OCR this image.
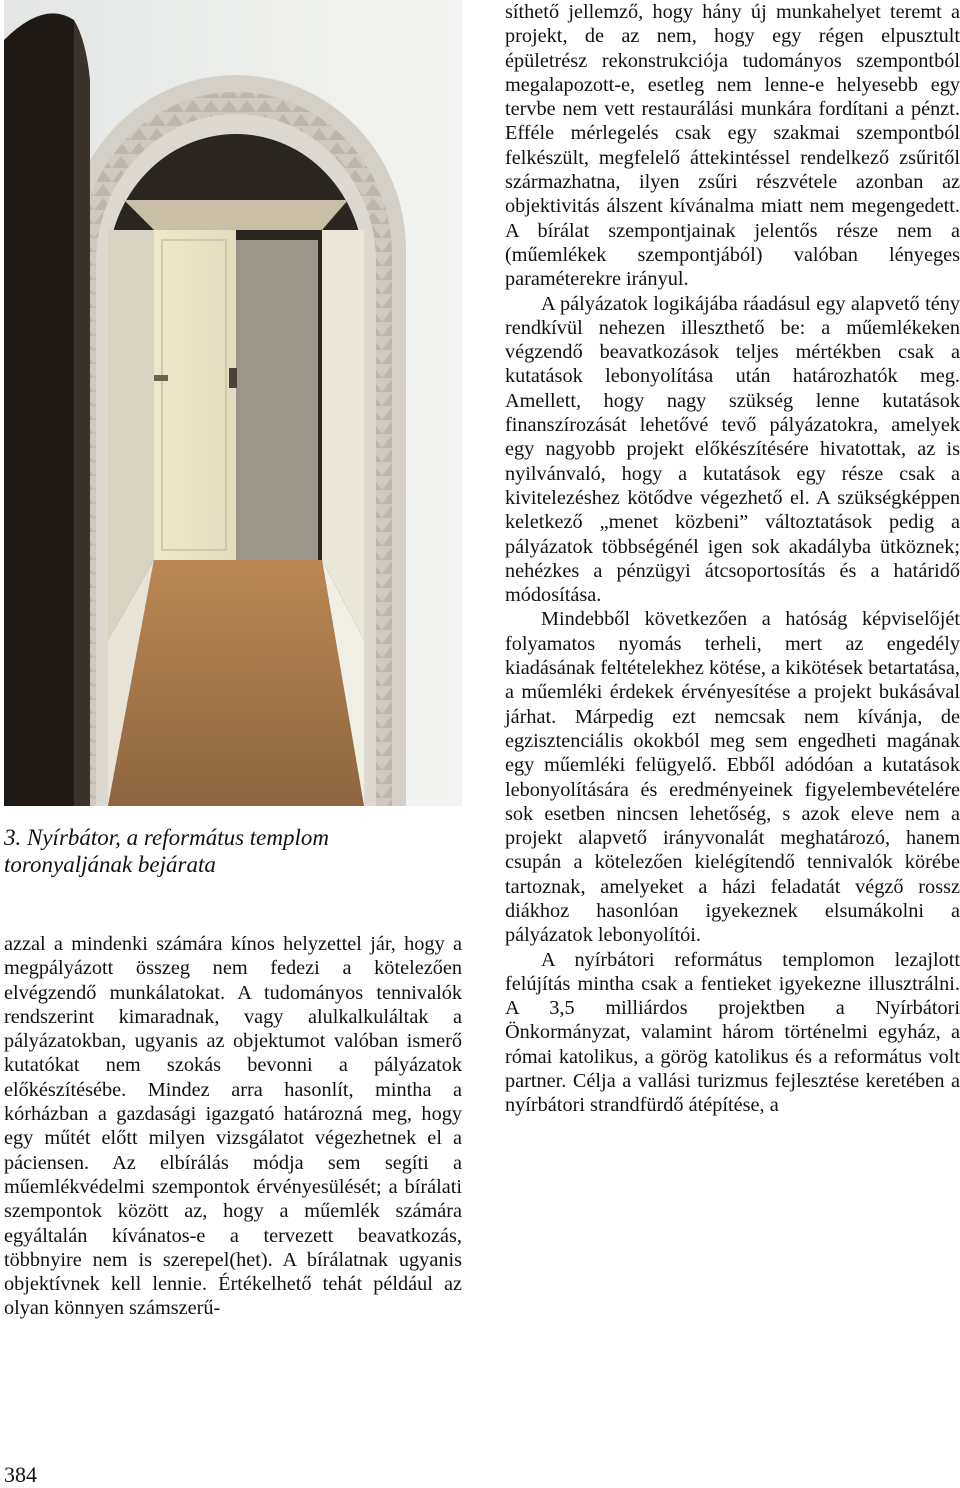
3. Nyírbátor, a református templom

toronyaljának bejárata

azzal a mindenki számára kínos helyzettel jár, hogy a megpályázott összeg nem fedezi a kötelezően elvégzendő munkálatokat. A tudományos tennivalók rendszerint kimaradnak, vagy alulkalkuláltak a pályázatokban, ugyanis az objektumot valóban ismerő kutatókat nem szokás bevonni a pályázatok előkészítésébe. Mindez arra hasonlít, mintha a kórházban a gazdasági igazgató határozná meg, hogy egy műtét előtt milyen vizsgálatot végezhetnek el a páciensen. Az elbírálás módja sem segíti a műemlékvédelmi szempontok érvényesülését; a bírálati szempontok között az, hogy a műemlék számára egyáltalán kívánatos-e a tervezett beavatkozás, többnyire nem is szerepel(het). A bírálatnak ugyanis objektívnek kell lennie. Értékelhető tehát például az olyan könnyen számszerű-

síthető jellemző, hogy hány új munkahelyet teremt a projekt, de az nem, hogy egy régen elpusztult épületrész rekonstrukciója tudományos szempontból megalapozott-e, esetleg nem lenne-e helyesebb egy tervbe nem vett restaurálási munkára fordítani a pénzt. Efféle mérlegelés csak egy szakmai szempontból felkészült, megfelelő áttekintéssel rendelkező zsűritől származhatna, ilyen zsűri részvétele azonban az objektivitás álszent kívánalma miatt nem megengedett. A bírálat szempontjainak jelentős része nem a (műemlékek szempontjából) valóban lényeges paraméterekre irányul.

A pályázatok logikájába ráadásul egy alapvető tény rendkívül nehezen illeszthető be: a műemlékeken végzendő beavatkozások teljes mértékben csak a kutatások lebonyolítása után határozhatók meg. Amellett, hogy nagy szükség lenne kutatások finanszírozását lehetővé tevő pályázatokra, amelyek egy nagyobb projekt előkészítésére hivatottak, az is nyilvánvaló, hogy a kutatások egy része csak a kivitelezéshez kötődve végezhető el. A szükségképpen keletkező „menet közbeni” változtatások pedig a pályázatok többségénél igen sok akadályba ütköznek; nehézkes a pénzügyi átcsoportosítás és a határidő módosítása.

Mindebből következően a hatóság képviselőjét folyamatos nyomás terheli, mert az engedély kiadásának feltételekhez kötése, a kikötések betartatása, a műemléki érdekek érvényesítése a projekt bukásával járhat. Márpedig ezt nemcsak nem kívánja, de egzisztenciális okokból meg sem engedheti magának egy műemléki felügyelő. Ebből adódóan a kutatások lebonyolítására és eredményeinek figyelembevételére sok esetben nincsen lehetőség, s azok eleve nem a projekt alapvető irányvonalát meghatározó, hanem csupán a kötelezően kielégítendő tennivalók körébe tartoznak, amelyeket a házi feladatát végző rossz diákhoz hasonlóan igyekeznek elsumákolni a pályázatok lebonyolítói.

A nyírbátori református templomon lezajlott felújítás mintha csak a fentieket igyekezne illusztrálni. A 3,5 milliárdos projektben a Nyírbátori Önkormányzat, valamint három történelmi egyház, a római katolikus, a görög katolikus és a református volt partner. Célja a vallási turizmus fejlesztése keretében a nyírbátori strandfürdő átépítése, a

384
